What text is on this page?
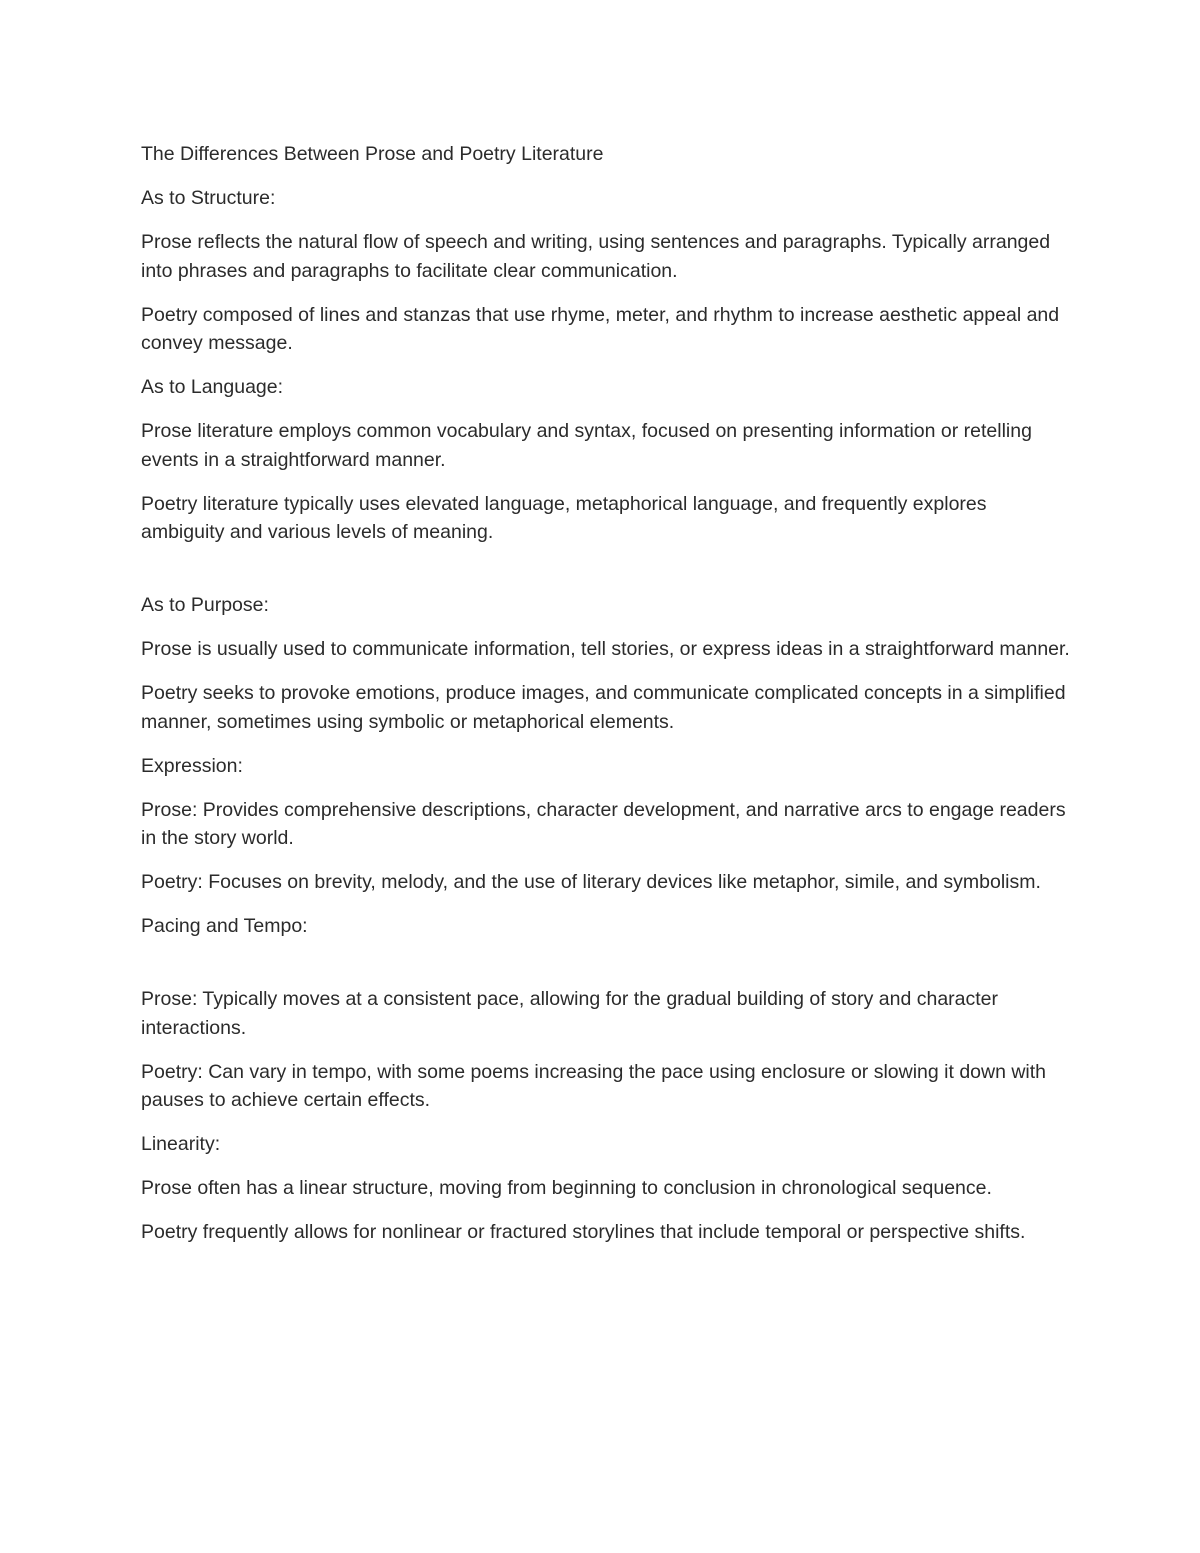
The Differences Between Prose and Poetry Literature

As to Structure:

Prose reflects the natural flow of speech and writing, using sentences and paragraphs. Typically arranged into phrases and paragraphs to facilitate clear communication.

Poetry composed of lines and stanzas that use rhyme, meter, and rhythm to increase aesthetic appeal and convey message.

As to Language:

Prose literature employs common vocabulary and syntax, focused on presenting information or retelling events in a straightforward manner.

Poetry literature typically uses elevated language, metaphorical language, and frequently explores ambiguity and various levels of meaning.

As to Purpose:

Prose is usually used to communicate information, tell stories, or express ideas in a straightforward manner.

Poetry seeks to provoke emotions, produce images, and communicate complicated concepts in a simplified manner, sometimes using symbolic or metaphorical elements.

Expression:

Prose: Provides comprehensive descriptions, character development, and narrative arcs to engage readers in the story world.

Poetry: Focuses on brevity, melody, and the use of literary devices like metaphor, simile, and symbolism.

Pacing and Tempo:

Prose: Typically moves at a consistent pace, allowing for the gradual building of story and character interactions.

Poetry: Can vary in tempo, with some poems increasing the pace using enclosure or slowing it down with pauses to achieve certain effects.

Linearity:

Prose often has a linear structure, moving from beginning to conclusion in chronological sequence.

Poetry frequently allows for nonlinear or fractured storylines that include temporal or perspective shifts.
